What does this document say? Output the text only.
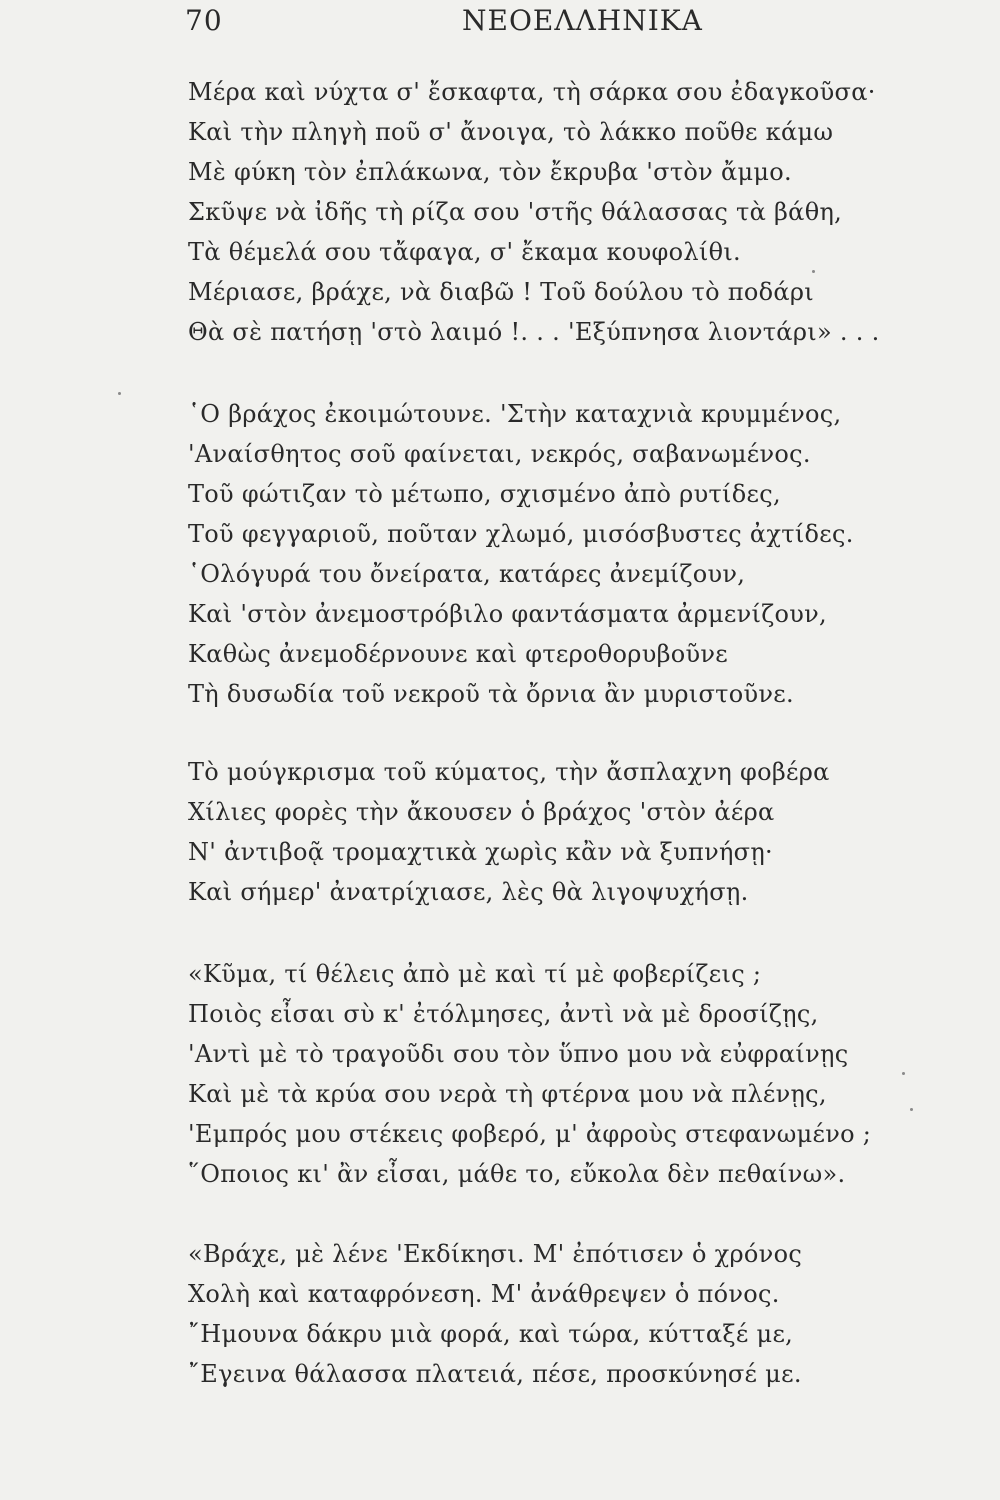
70	ΝΕΟΕΛΛΗΝΙΚΑ
Μέρα καὶ νύχτα σ' ἔσκαφτα, τὴ σάρκα σου ἐδαγκοῦσα·
Καὶ τὴν πληγὴ ποῦ σ' ἄνοιγα, τὸ λάκκο ποῦθε κάμω
Μὲ φύκη τὸν ἐπλάκωνα, τὸν ἔκρυβα 'στὸν ἄμμο.
Σκῦψε νὰ ἰδῆς τὴ ρίζα σου 'στῆς θάλασσας τὰ βάθη,
Τὰ θέμελά σου τἄφαγα, σ' ἔκαμα κουφολίθι.
Μέριασε, βράχε, νὰ διαβῶ ! Τοῦ δούλου τὸ ποδάρι
Θὰ σὲ πατήσῃ 'στὸ λαιμό !. . . 'Εξύπνησα λιοντάρι» . . .
῾Ο βράχος ἐκοιμώτουνε. 'Στὴν καταχνιὰ κρυμμένος,
'Αναίσθητος σοῦ φαίνεται, νεκρός, σαβανωμένος.
Τοῦ φώτιζαν τὸ μέτωπο, σχισμένο ἀπὸ ρυτίδες,
Τοῦ φεγγαριοῦ, ποῦταν χλωμό, μισόσβυστες ἀχτίδες.
῾Ολόγυρά του ὄνείρατα, κατάρες ἀνεμίζουν,
Καὶ 'στὸν ἀνεμοστρόβιλο φαντάσματα ἀρμενίζουν,
Καθὼς ἀνεμοδέρνουνε καὶ φτεροθορυβοῦνε
Τὴ δυσωδία τοῦ νεκροῦ τὰ ὄρνια ἂν μυριστοῦνε.
Τὸ μούγκρισμα τοῦ κύματος, τὴν ἄσπλαχνη φοβέρα
Χίλιες φορὲς τὴν ἄκουσεν ὁ βράχος 'στὸν ἀέρα
Ν' ἀντιβοᾷ τρομαχτικὰ χωρὶς κἂν νὰ ξυπνήσῃ·
Καὶ σήμερ' ἀνατρίχιασε, λὲς θὰ λιγοψυχήσῃ.
«Κῦμα, τί θέλεις ἀπὸ μὲ καὶ τί μὲ φοβερίζεις ;
Ποιὸς εἶσαι σὺ κ' ἐτόλμησες, ἀντὶ νὰ μὲ δροσίζῃς,
'Αντὶ μὲ τὸ τραγοῦδι σου τὸν ὕπνο μου νὰ εὐφραίνῃς
Καὶ μὲ τὰ κρύα σου νερὰ τὴ φτέρνα μου νὰ πλένῃς,
'Εμπρός μου στέκεις φοβερό, μ' ἀφροὺς στεφανωμένο ;
῞Οποιος κι' ἂν εἶσαι, μάθε το, εὔκολα δὲν πεθαίνω».
«Βράχε, μὲ λένε 'Εκδίκησι. Μ' ἐπότισεν ὁ χρόνος
Χολὴ καὶ καταφρόνεση. Μ' ἀνάθρεψεν ὁ πόνος.
῎Ημουνα δάκρυ μιὰ φορά, καὶ τώρα, κύτταξέ με,
῎Εγεινα θάλασσα πλατειά, πέσε, προσκύνησέ με.
